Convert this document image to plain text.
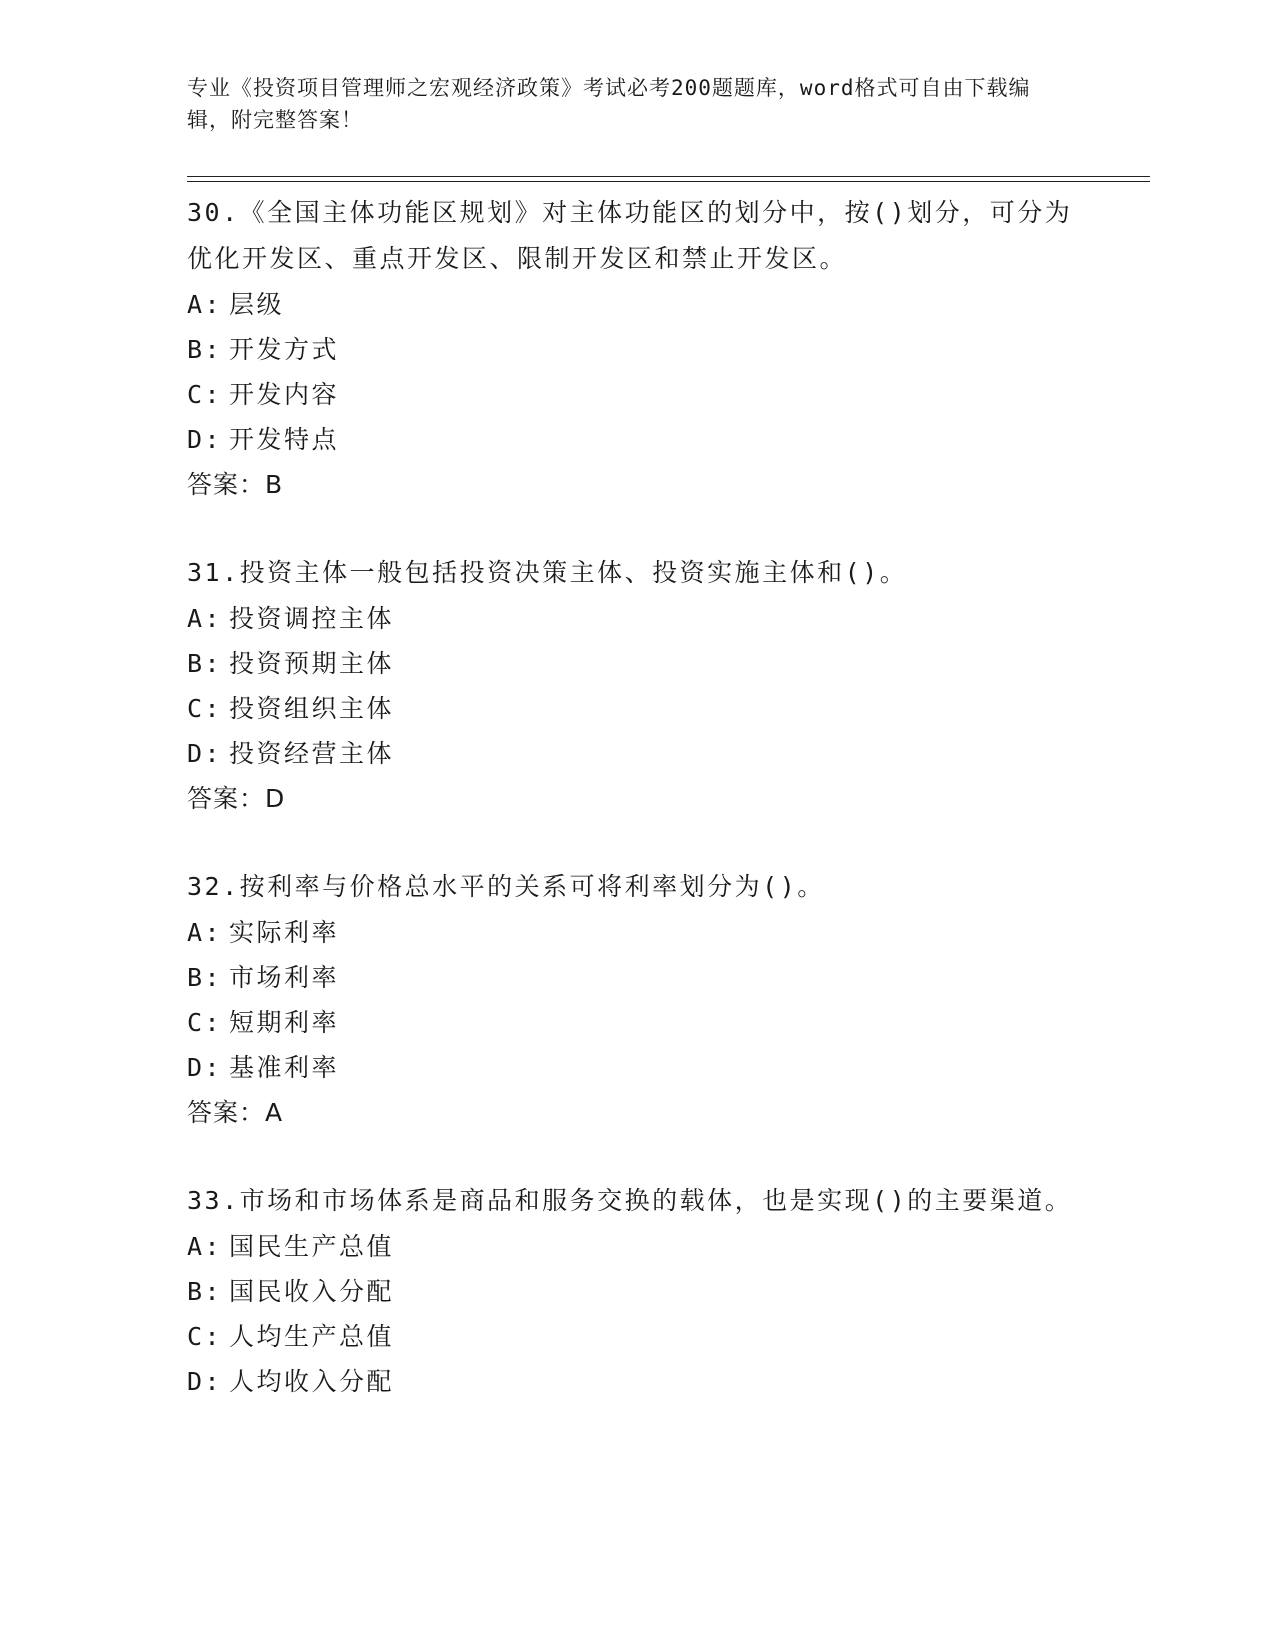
专业《投资项目管理师之宏观经济政策》考试必考200题题库，word格式可自由下载编辑，附完整答案！

30.《全国主体功能区规划》对主体功能区的划分中，按()划分，可分为优化开发区、重点开发区、限制开发区和禁止开发区。

A: 层级
B: 开发方式
C: 开发内容
D: 开发特点

答案：B

31.投资主体一般包括投资决策主体、投资实施主体和()。

A: 投资调控主体
B: 投资预期主体
C: 投资组织主体
D: 投资经营主体

答案：D

32.按利率与价格总水平的关系可将利率划分为()。

A: 实际利率
B: 市场利率
C: 短期利率
D: 基准利率

答案：A

33.市场和市场体系是商品和服务交换的载体，也是实现()的主要渠道。

A: 国民生产总值
B: 国民收入分配
C: 人均生产总值
D: 人均收入分配
